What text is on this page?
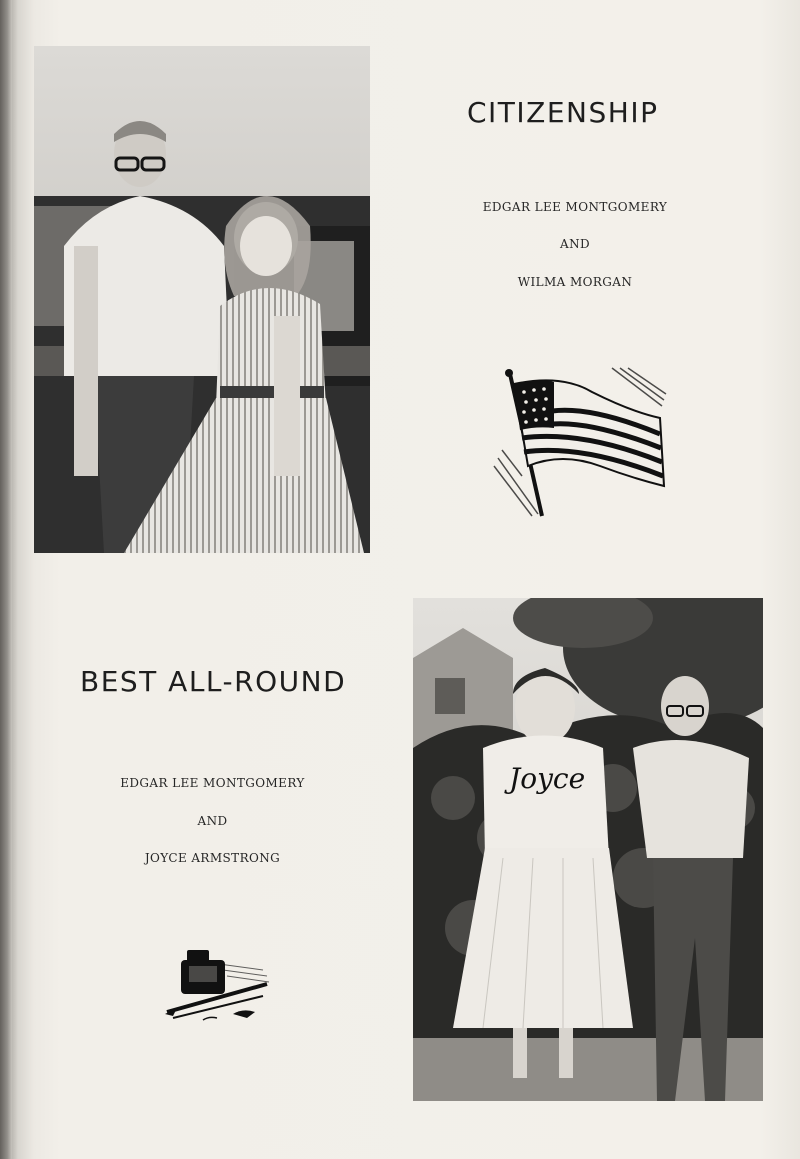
CITIZENSHIP
EDGAR LEE MONTGOMERY
AND
WILMA MORGAN
BEST ALL-ROUND
EDGAR LEE MONTGOMERY
AND
JOYCE ARMSTRONG
Joyce
